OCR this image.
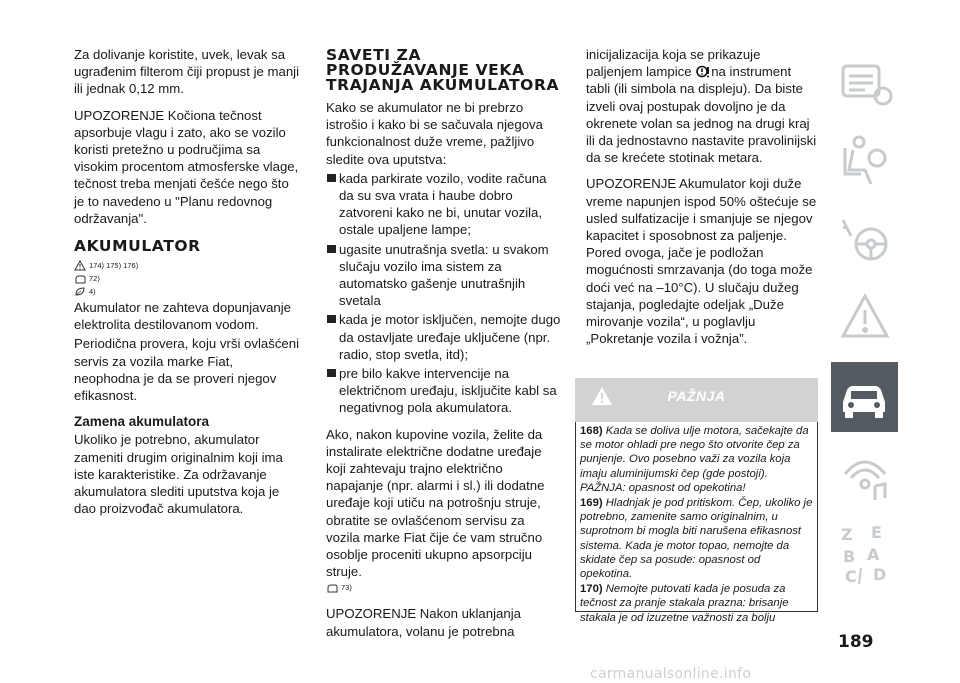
Za dolivanje koristite, uvek, levak sa ugrađenim filterom čiji propust je manji ili jednak 0,12 mm.

UPOZORENJE Kočiona tečnost apsorbuje vlagu i zato, ako se vozilo koristi pretežno u područjima sa visokim procentom atmosferske vlage, tečnost treba menjati češće nego što je to navedeno u "Planu redovnog održavanja".

AKUMULATOR
174) 175) 176)
72)
4)

Akumulator ne zahteva dopunjavanje elektrolita destilovanom vodom.

Periodična provera, koju vrši ovlašćeni servis za vozila marke Fiat, neophodna je da se proveri njegov efikasnost.

Zamena akumulatora

Ukoliko je potrebno, akumulator zameniti drugim originalnim koji ima iste karakteristike. Za održavanje akumulatora slediti uputstva koja je dao proizvođač akumulatora.

SAVETI ZA PRODUŽAVANJE VEKA TRAJANJA AKUMULATORA

Kako se akumulator ne bi prebrzo istrošio i kako bi se sačuvala njegova funkcionalnost duže vreme, pažljivo sledite ova uputstva:

kada parkirate vozilo, vodite računa da su sva vrata i haube dobro zatvoreni kako ne bi, unutar vozila, ostale upaljene lampe;

ugasite unutrašnja svetla: u svakom slučaju vozilo ima sistem za automatsko gašenje unutrašnjih svetala

kada je motor isključen, nemojte dugo da ostavljate uređaje uključene (npr. radio, stop svetla, itd);

pre bilo kakve intervencije na električnom uređaju, isključite kabl sa negativnog pola akumulatora.

Ako, nakon kupovine vozila, želite da instalirate električne dodatne uređaje koji zahtevaju trajno električno napajanje (npr. alarmi i sl.) ili dodatne uređaje koji utiču na potrošnju struje, obratite se ovlašćenom servisu za vozila marke Fiat čije će vam stručno osoblje proceniti ukupno apsorpciju struje.

73)

UPOZORENJE Nakon uklanjanja akumulatora, volanu je potrebna

inicijalizacija koja se prikazuje paljenjem lampice na instrument tabli (ili simbola na displeju). Da biste izveli ovaj postupak dovoljno je da okrenete volan sa jednog na drugi kraj ili da jednostavno nastavite pravolinijski da se krećete stotinak metara.

UPOZORENJE Akumulator koji duže vreme napunjen ispod 50% oštećuje se usled sulfatizacije i smanjuje se njegov kapacitet i sposobnost za paljenje. Pored ovoga, jače je podložan mogućnosti smrzavanja (do toga može doći već na –10°C). U slučaju dužeg stajanja, pogledajte odeljak „Duže mirovanje vozila“, u poglavlju „Pokretanje vozila i vožnja”.

PAŽNJA

168) Kada se doliva ulje motora, sačekajte da se motor ohladi pre nego što otvorite čep za punjenje. Ovo posebno važi za vozila koja imaju aluminijumski čep (gde postoji). PAŽNJA: opasnost od opekotina!

169) Hladnjak je pod pritiskom. Čep, ukoliko je potrebno, zamenite samo originalnim, u suprotnom bi mogla biti narušena efikasnost sistema. Kada je motor topao, nemojte da skidate čep sa posude: opasnost od opekotina.

170) Nemojte putovati kada je posuda za tečnost za pranje stakala prazna: brisanje stakala je od izuzetne važnosti za bolju

Z E
B A
C D
189
carmanualsonline.info
